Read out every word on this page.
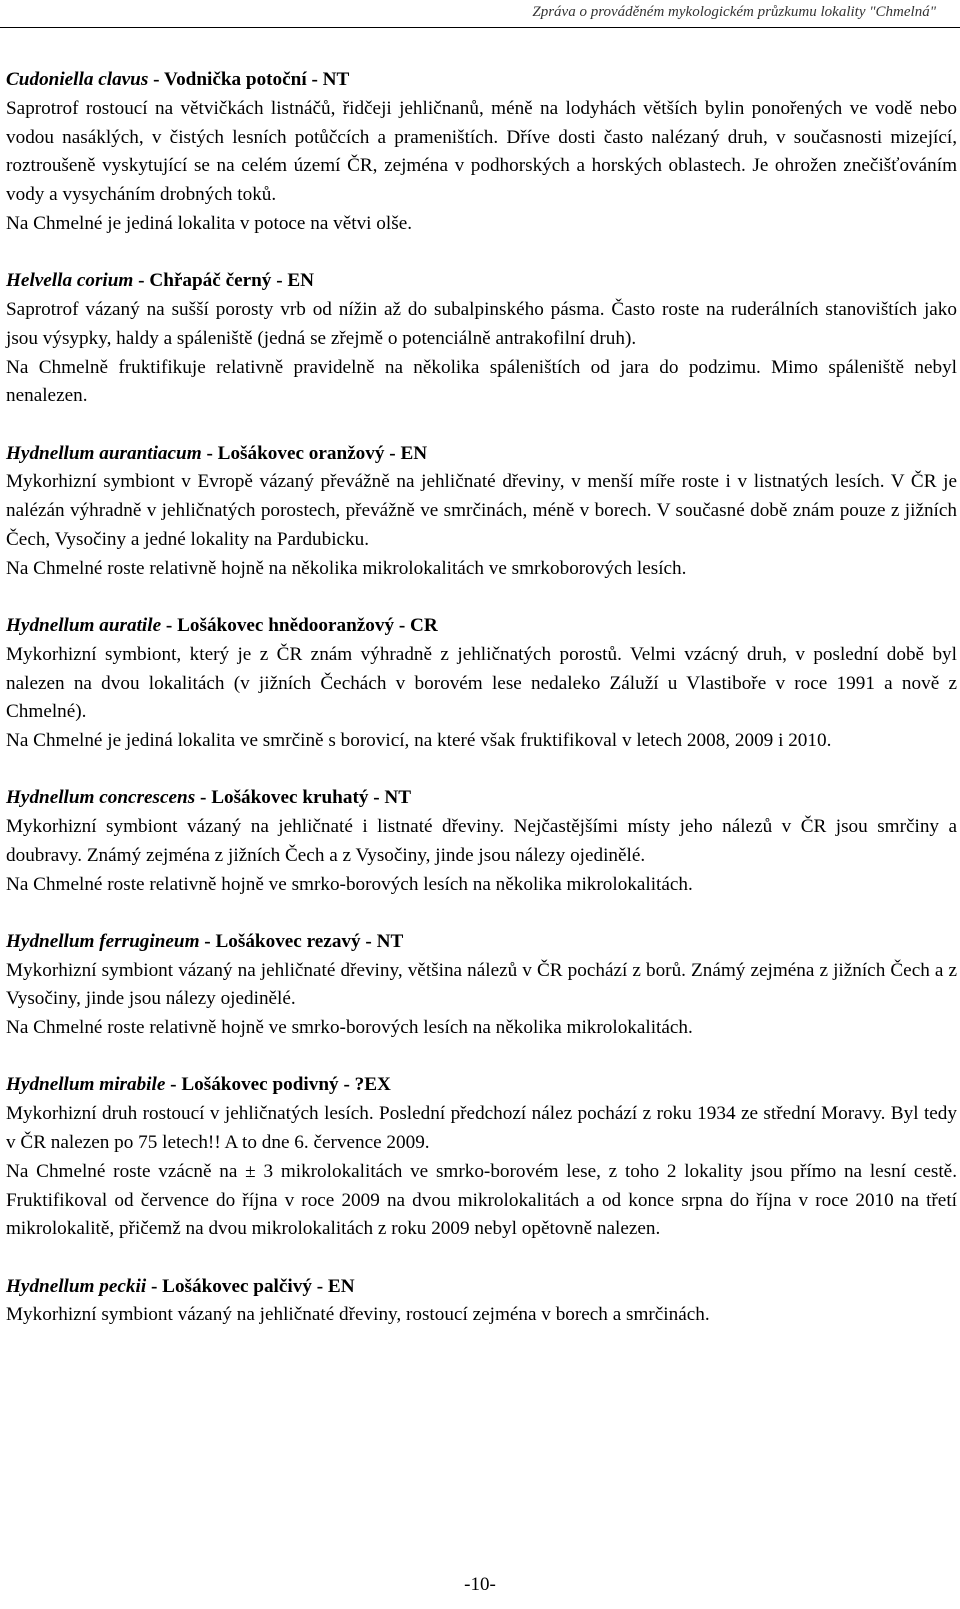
Zpráva o prováděném mykologickém průzkumu lokality "Chmelná"
Cudoniella clavus - Vodnička potoční - NT
Saprotrof rostoucí na větvičkách listnáčů, řidčeji jehličnanů, méně na lodyhách větších bylin ponořených ve vodě nebo vodou nasáklých, v čistých lesních potůčcích a prameništích. Dříve dosti často nalézaný druh, v současnosti mizející, roztroušeně vyskytující se na celém území ČR, zejména v podhorských a horských oblastech. Je ohrožen znečišťováním vody a vysycháním drobných toků.
Na Chmelné je jediná lokalita v potoce na větvi olše.
Helvella corium - Chřapáč černý - EN
Saprotrof vázaný na sušší porosty vrb od nížin až do subalpinského pásma. Často roste na ruderálních stanovištích jako jsou výsypky, haldy a spáleniště (jedná se zřejmě o potenciálně antrakofilní druh).
Na Chmelně fruktifikuje relativně pravidelně na několika spáleništích od jara do podzimu. Mimo spáleniště nebyl nenalezen.
Hydnellum aurantiacum - Lošákovec oranžový - EN
Mykorhizní symbiont v Evropě vázaný převážně na jehličnaté dřeviny, v menší míře roste i v listnatých lesích. V ČR je nalézán výhradně v jehličnatých porostech, převážně ve smrčinách, méně v borech. V současné době znám pouze z jižních Čech, Vysočiny a jedné lokality na Pardubicku.
Na Chmelné roste relativně hojně na několika mikrolokalitách ve smrkoborových lesích.
Hydnellum auratile - Lošákovec hnědooranžový - CR
Mykorhizní symbiont, který je z ČR znám výhradně z jehličnatých porostů. Velmi vzácný druh, v poslední době byl nalezen na dvou lokalitách (v jižních Čechách v borovém lese nedaleko Záluží u Vlastiboře v roce 1991 a nově z Chmelné).
Na Chmelné je jediná lokalita ve smrčině s borovicí, na které však fruktifikoval v letech 2008, 2009 i 2010.
Hydnellum concrescens - Lošákovec kruhatý - NT
Mykorhizní symbiont vázaný na jehličnaté i listnaté dřeviny. Nejčastějšími místy jeho nálezů v ČR jsou smrčiny a doubravy. Známý zejména z jižních Čech a z Vysočiny, jinde jsou nálezy ojedinělé.
Na Chmelné roste relativně hojně ve smrko-borových lesích na několika mikrolokalitách.
Hydnellum ferrugineum - Lošákovec rezavý - NT
Mykorhizní symbiont vázaný na jehličnaté dřeviny, většina nálezů v ČR pochází z borů. Známý zejména z jižních Čech a z Vysočiny, jinde jsou nálezy ojedinělé.
Na Chmelné roste relativně hojně ve smrko-borových lesích na několika mikrolokalitách.
Hydnellum mirabile - Lošákovec podivný - ?EX
Mykorhizní druh rostoucí v jehličnatých lesích. Poslední předchozí nález pochází z roku 1934 ze střední Moravy. Byl tedy v ČR nalezen po 75 letech!! A to dne 6. července 2009.
Na Chmelné roste vzácně na ± 3 mikrolokalitách ve smrko-borovém lese, z toho 2 lokality jsou přímo na lesní cestě. Fruktifikoval od července do října v roce 2009 na dvou mikrolokalitách a od konce srpna do října v roce 2010 na třetí mikrolokalitě, přičemž na dvou mikrolokalitách z roku 2009 nebyl opětovně nalezen.
Hydnellum peckii - Lošákovec palčivý - EN
Mykorhizní symbiont vázaný na jehličnaté dřeviny, rostoucí zejména v borech a smrčinách.
-10-
